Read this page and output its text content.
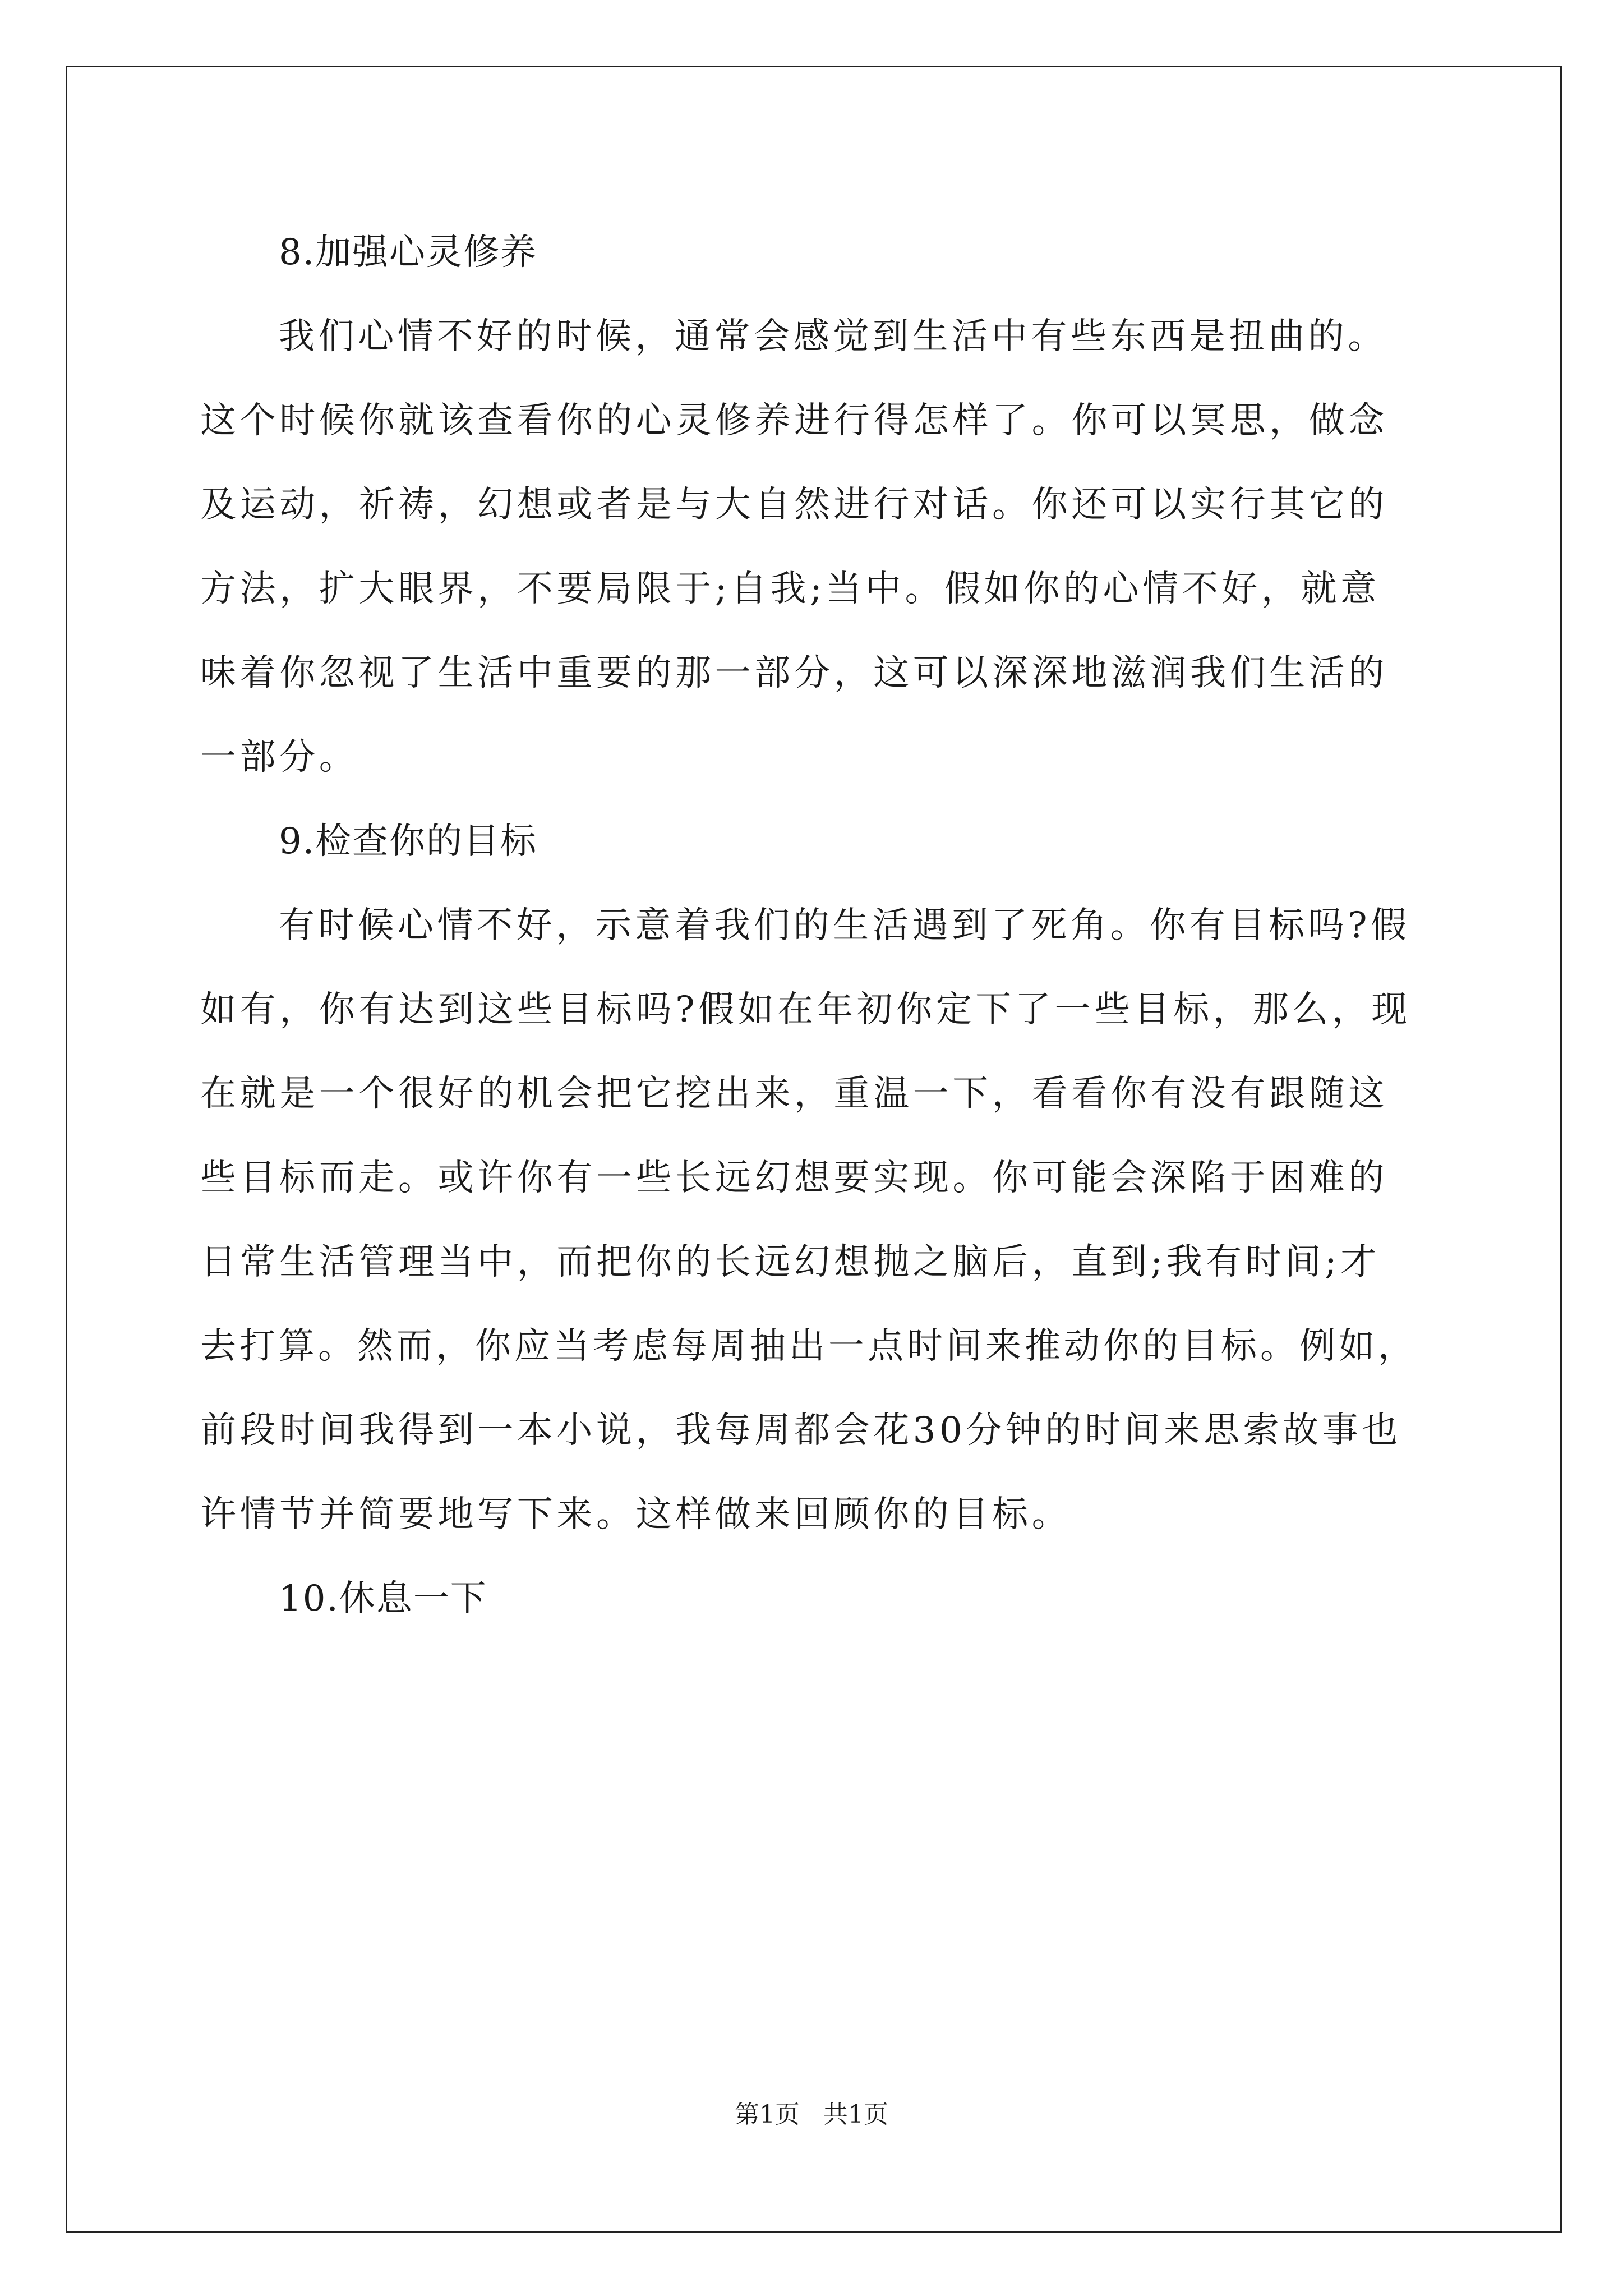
8.加强心灵修养

我们心情不好的时候，通常会感觉到生活中有些东西是扭曲的。

这个时候你就该查看你的心灵修养进行得怎样了。你可以冥思，做念

及运动，祈祷，幻想或者是与大自然进行对话。你还可以实行其它的

方法，扩大眼界，不要局限于;自我;当中。假如你的心情不好，就意

味着你忽视了生活中重要的那一部分，这可以深深地滋润我们生活的

一部分。

9.检查你的目标

有时候心情不好，示意着我们的生活遇到了死角。你有目标吗?假

如有，你有达到这些目标吗?假如在年初你定下了一些目标，那么，现

在就是一个很好的机会把它挖出来，重温一下，看看你有没有跟随这

些目标而走。或许你有一些长远幻想要实现。你可能会深陷于困难的

日常生活管理当中，而把你的长远幻想抛之脑后，直到;我有时间;才

去打算。然而，你应当考虑每周抽出一点时间来推动你的目标。例如，

前段时间我得到一本小说，我每周都会花30分钟的时间来思索故事也

许情节并简要地写下来。这样做来回顾你的目标。

10.休息一下

第1页   共1页
